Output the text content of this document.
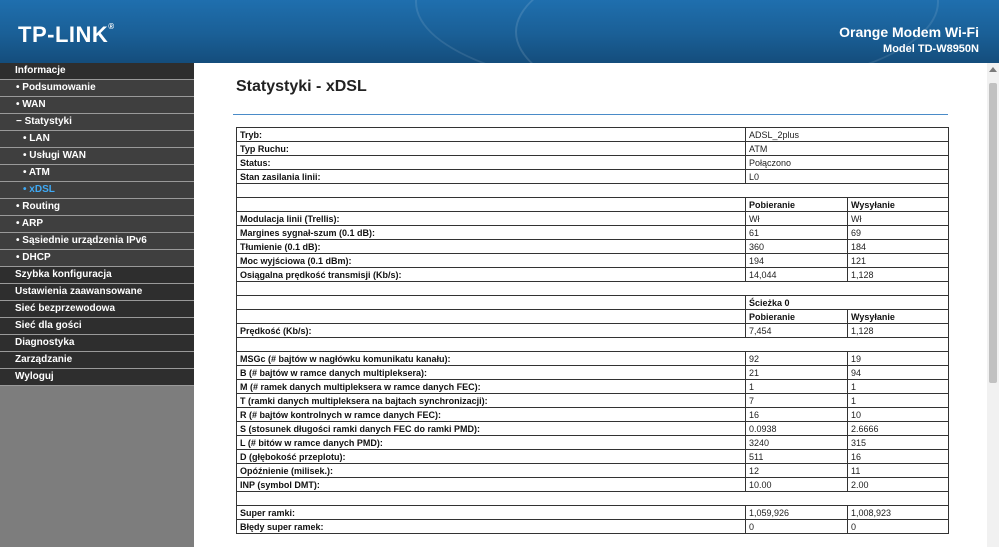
TP-LINK®	Orange Modem Wi-Fi
Model TD-W8950N
Informacje
• Podsumowanie
• WAN
− Statystyki
• LAN
• Usługi WAN
• ATM
• xDSL
• Routing
• ARP
• Sąsiednie urządzenia IPv6
• DHCP
Szybka konfiguracja
Ustawienia zaawansowane
Sieć bezprzewodowa
Sieć dla gości
Diagnostyka
Zarządzanie
Wyloguj
Statystyki - xDSL
Tryb:	ADSL_2plus	
Typ Ruchu:	ATM	
Status:	Połączono	
Stan zasilania linii:	L0	

	Pobieranie	Wysyłanie
Modulacja linii (Trellis):	Wł	Wł
Margines sygnał-szum (0.1 dB):	61	69
Tłumienie (0.1 dB):	360	184
Moc wyjściowa (0.1 dBm):	194	121
Osiągalna prędkość transmisji (Kb/s):	14,044	1,128

	Ścieżka 0	
	Pobieranie	Wysyłanie
Prędkość (Kb/s):	7,454	1,128

MSGc (# bajtów w nagłówku komunikatu kanału):	92	19
B (# bajtów w ramce danych multipleksera):	21	94
M (# ramek danych multipleksera w ramce danych FEC):	1	1
T (ramki danych multipleksera na bajtach synchronizacji):	7	1
R (# bajtów kontrolnych w ramce danych FEC):	16	10
S (stosunek długości ramki danych FEC do ramki PMD):	0.0938	2.6666
L (# bitów w ramce danych PMD):	3240	315
D (głębokość przeplotu):	511	16
Opóźnienie (milisek.):	12	11
INP (symbol DMT):	10.00	2.00

Super ramki:	1,059,926	1,008,923
Błędy super ramek:	0	0
